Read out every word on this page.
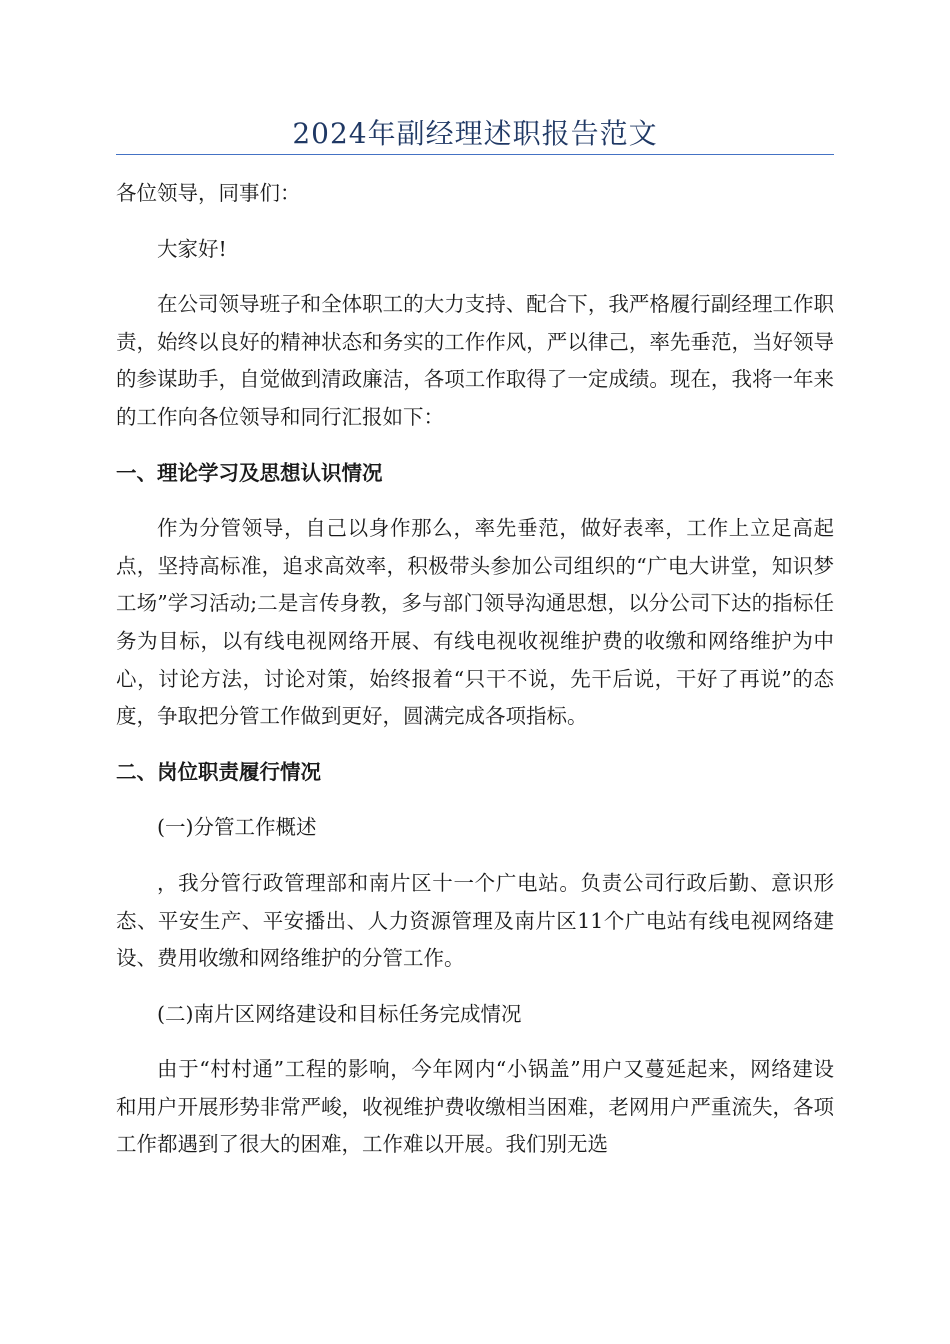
2024年副经理述职报告范文

各位领导，同事们：

大家好!

在公司领导班子和全体职工的大力支持、配合下，我严格履行副经理工作职责，始终以良好的精神状态和务实的工作作风，严以律己，率先垂范，当好领导的参谋助手，自觉做到清政廉洁，各项工作取得了一定成绩。现在，我将一年来的工作向各位领导和同行汇报如下：

一、理论学习及思想认识情况

作为分管领导，自己以身作那么，率先垂范，做好表率，工作上立足高起点，坚持高标准，追求高效率，积极带头参加公司组织的“广电大讲堂，知识梦工场”学习活动;二是言传身教，多与部门领导沟通思想，以分公司下达的指标任务为目标，以有线电视网络开展、有线电视收视维护费的收缴和网络维护为中心，讨论方法，讨论对策，始终报着“只干不说，先干后说，干好了再说”的态度，争取把分管工作做到更好，圆满完成各项指标。

二、岗位职责履行情况

(一)分管工作概述

，我分管行政管理部和南片区十一个广电站。负责公司行政后勤、意识形态、平安生产、平安播出、人力资源管理及南片区11个广电站有线电视网络建设、费用收缴和网络维护的分管工作。

(二)南片区网络建设和目标任务完成情况

由于“村村通”工程的影响，今年网内“小锅盖”用户又蔓延起来，网络建设和用户开展形势非常严峻，收视维护费收缴相当困难，老网用户严重流失，各项工作都遇到了很大的困难，工作难以开展。我们别无选
